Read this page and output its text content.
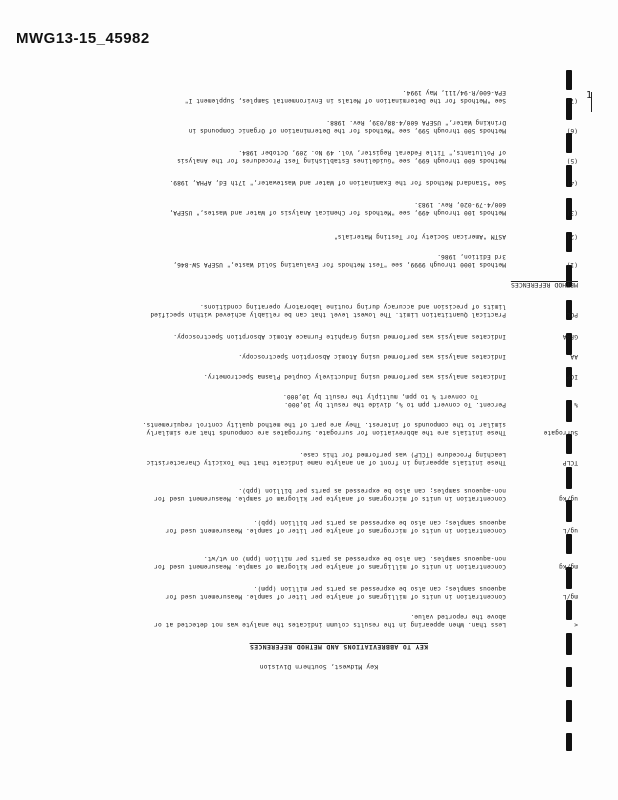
MWG13-15_45982
1
Key Midwest, Southern Division
KEY TO ABBREVIATIONS AND METHOD REFERENCES
<
Less than. When appearing in the results column indicates the analyte was not detected at or
above the reported value.
mg/L
Concentration in units of milligrams of analyte per liter of sample. Measurement used for
aqueous samples; can also be expressed as parts per million (ppm).
mg/kg
Concentration in units of milligrams of analyte per kilogram of sample. Measurement used for
non-aqueous samples. Can also be expressed as parts per million (ppm) on wt/wt.
ug/L
Concentration in units of micrograms of analyte per liter of sample. Measurement used for
aqueous samples; can also be expressed as parts per billion (ppb).
ug/kg
Concentration in units of micrograms of analyte per kilogram of sample. Measurement used for
non-aqueous samples; can also be expressed as parts per billion (ppb).
TCLP
These initials appearing in front of an analyte name indicate that the Toxicity Characteristic
Leaching Procedure (TCLP) was performed for this case.
Surrogate
These initials are the abbreviation for surrogate. Surrogates are compounds that are similarly
similar to the compounds of interest. They are part of the method quality control requirements.
%
Percent. To convert ppm to %, divide the result by 10,000.
To convert % to ppm, multiply the result by 10,000.
ICP
Indicates analysis was performed using Inductively Coupled Plasma Spectrometry.
AA
Indicates analysis was performed using Atomic Absorption Spectroscopy.
GFAA
Indicates analysis was performed using Graphite Furnace Atomic Absorption Spectroscopy.
PQL
Practical Quantitation Limit. The lowest level that can be reliably achieved within specified
limits of precision and accuracy during routine laboratory operating conditions.
METHOD REFERENCES
(1)
Methods 1000 through 9999, see "Test Methods for Evaluating Solid Waste," USEPA SW-846,
3rd Edition, 1986.
(2)
ASTM "American Society for Testing Materials"
(3)
Methods 100 through 499, see "Methods for Chemical Analysis of Water and Wastes," USEPA,
600/4-79-020, Rev. 1983.
(4)
See "Standard Methods for the Examination of Water and Wastewater," 17th Ed, APHA, 1989.
(5)
Methods 600 through 699, see "Guidelines Establishing Test Procedures for the Analysis
of Pollutants," Title Federal Register, Vol. 49 No. 209, October 1984.
(6)
Methods 500 through 599, see "Methods for the Determination of Organic Compounds in
Drinking Water," USEPA 600/4-88/039, Rev. 1988.
(7)
See "Methods for the Determination of Metals in Environmental Samples, Supplement I"
EPA-600/R-94/111, May 1994.
